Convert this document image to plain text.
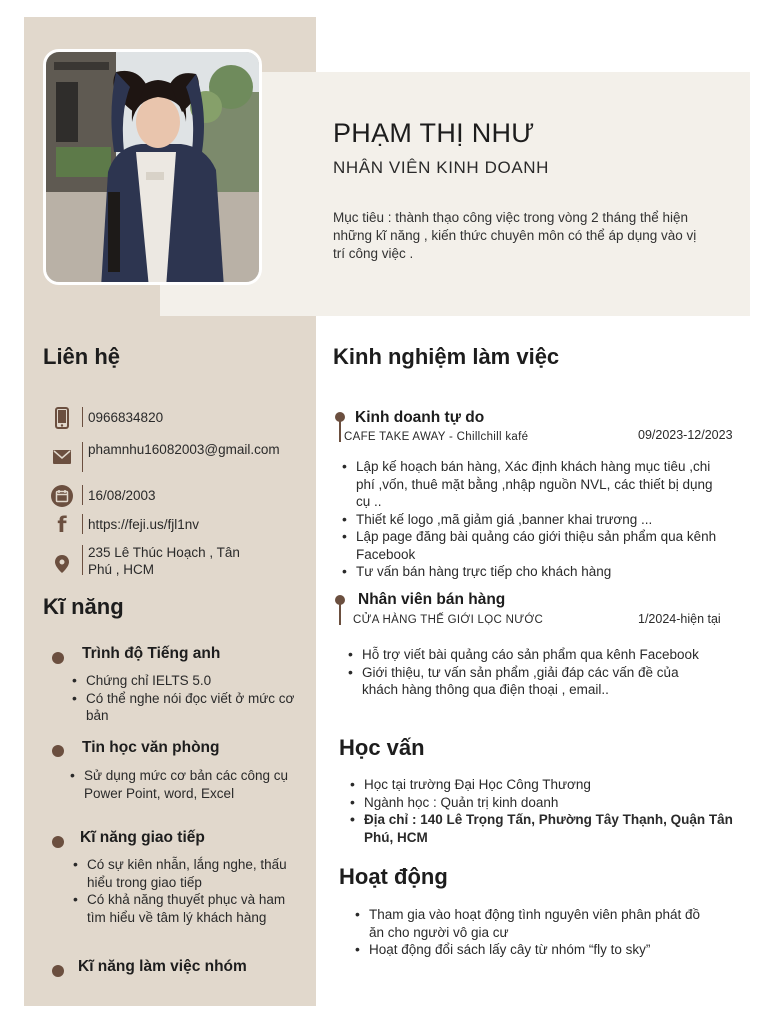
PHẠM THỊ NHƯ
NHÂN VIÊN KINH DOANH
Mục tiêu : thành thạo công việc trong vòng 2 tháng thể hiện những kĩ năng , kiến thức chuyên môn có thể áp dụng vào vị trí công việc .
Liên hệ
0966834820
phamnhu16082003@gmail.com
16/08/2003
f https://feji.us/fjl1nv
235 Lê Thúc Hoạch , Tân Phú , HCM
Kĩ năng
Trình độ Tiếng anh
• Chứng chỉ IELTS 5.0
• Có thể nghe nói đọc viết ở mức cơ bản
Tin học văn phòng
• Sử dụng mức cơ bản các công cụ Power Point, word, Excel
Kĩ năng giao tiếp
• Có sự kiên nhẫn, lắng nghe, thấu hiểu trong giao tiếp
• Có khả năng thuyết phục và ham tìm hiểu về tâm lý khách hàng
Kĩ năng làm việc nhóm
Kinh nghiệm làm việc
Kinh doanh tự do
CAFE TAKE AWAY - Chillchill kafé	09/2023-12/2023
• Lập kế hoạch bán hàng, Xác định khách hàng mục tiêu ,chi phí ,vốn, thuê mặt bằng ,nhập nguồn NVL, các thiết bị dụng cụ ..
• Thiết kế logo ,mã giảm giá ,banner khai trương ...
• Lập page đăng bài quảng cáo giới thiệu sản phẩm qua kênh Facebook
• Tư vấn bán hàng trực tiếp cho khách hàng
Nhân viên bán hàng
CỬA HÀNG THẾ GIỚI LỌC NƯỚC	1/2024-hiện tại
• Hỗ trợ viết bài quảng cáo sản phẩm qua kênh Facebook
• Giới thiệu, tư vấn sản phẩm ,giải đáp các vấn đề của khách hàng thông qua điện thoại , email..
Học vấn
• Học tại trường Đại Học Công Thương
• Ngành học : Quản trị kinh doanh
• Địa chỉ : 140 Lê Trọng Tấn, Phường Tây Thạnh, Quận Tân Phú, HCM
Hoạt động
• Tham gia vào hoạt động tình nguyên viên phân phát đồ ăn cho người vô gia cư
• Hoạt động đổi sách lấy cây từ nhóm “fly to sky”
